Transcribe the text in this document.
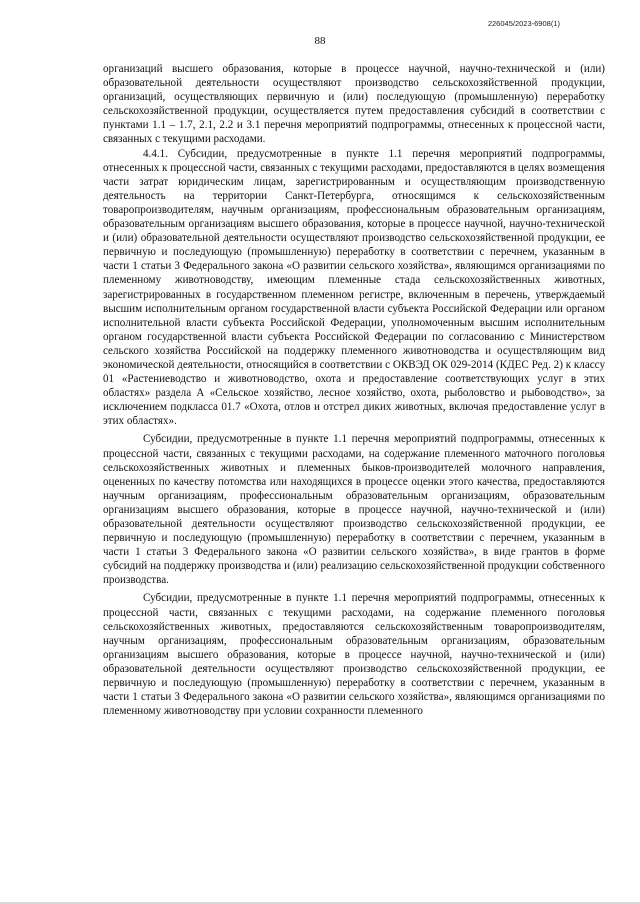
226045/2023-6908(1)
88

организаций высшего образования, которые в процессе научной, научно-технической и (или) образовательной деятельности осуществляют производство сельскохозяйственной продукции, организаций, осуществляющих первичную и (или) последующую (промышленную) переработку сельскохозяйственной продукции, осуществляется путем предоставления субсидий в соответствии с пунктами 1.1 – 1.7, 2.1, 2.2 и 3.1 перечня мероприятий подпрограммы, отнесенных к процессной части, связанных с текущими расходами.

4.4.1. Субсидии, предусмотренные в пункте 1.1 перечня мероприятий подпрограммы, отнесенных к процессной части, связанных с текущими расходами, предоставляются в целях возмещения части затрат юридическим лицам, зарегистрированным и осуществляющим производственную деятельность на территории Санкт-Петербурга, относящимся к сельскохозяйственным товаропроизводителям, научным организациям, профессиональным образовательным организациям, образовательным организациям высшего образования, которые в процессе научной, научно-технической и (или) образовательной деятельности осуществляют производство сельскохозяйственной продукции, ее первичную и последующую (промышленную) переработку в соответствии с перечнем, указанным в части 1 статьи 3 Федерального закона «О развитии сельского хозяйства», являющимся организациями по племенному животноводству, имеющим племенные стада сельскохозяйственных животных, зарегистрированных в государственном племенном регистре, включенным в перечень, утверждаемый высшим исполнительным органом государственной власти субъекта Российской Федерации или органом исполнительной власти субъекта Российской Федерации, уполномоченным высшим исполнительным органом государственной власти субъекта Российской Федерации по согласованию с Министерством сельского хозяйства Российской на поддержку племенного животноводства и осуществляющим вид экономической деятельности, относящийся в соответствии с ОКВЭД ОК 029-2014 (КДЕС Ред. 2) к классу 01 «Растениеводство и животноводство, охота и предоставление соответствующих услуг в этих областях» раздела А «Сельское хозяйство, лесное хозяйство, охота, рыболовство и рыбоводство», за исключением подкласса 01.7 «Охота, отлов и отстрел диких животных, включая предоставление услуг в этих областях».

Субсидии, предусмотренные в пункте 1.1 перечня мероприятий подпрограммы, отнесенных к процессной части, связанных с текущими расходами, на содержание племенного маточного поголовья сельскохозяйственных животных и племенных быков-производителей молочного направления, оцененных по качеству потомства или находящихся в процессе оценки этого качества, предоставляются научным организациям, профессиональным образовательным организациям, образовательным организациям высшего образования, которые в процессе научной, научно-технической и (или) образовательной деятельности осуществляют производство сельскохозяйственной продукции, ее первичную и последующую (промышленную) переработку в соответствии с перечнем, указанным в части 1 статьи 3 Федерального закона «О развитии сельского хозяйства», в виде грантов в форме субсидий на поддержку производства и (или) реализацию сельскохозяйственной продукции собственного производства.

Субсидии, предусмотренные в пункте 1.1 перечня мероприятий подпрограммы, отнесенных к процессной части, связанных с текущими расходами, на содержание племенного поголовья сельскохозяйственных животных, предоставляются сельскохозяйственным товаропроизводителям, научным организациям, профессиональным образовательным организациям, образовательным организациям высшего образования, которые в процессе научной, научно-технической и (или) образовательной деятельности осуществляют производство сельскохозяйственной продукции, ее первичную и последующую (промышленную) переработку в соответствии с перечнем, указанным в части 1 статьи 3 Федерального закона «О развитии сельского хозяйства», являющимся организациями по племенному животноводству при условии сохранности племенного
